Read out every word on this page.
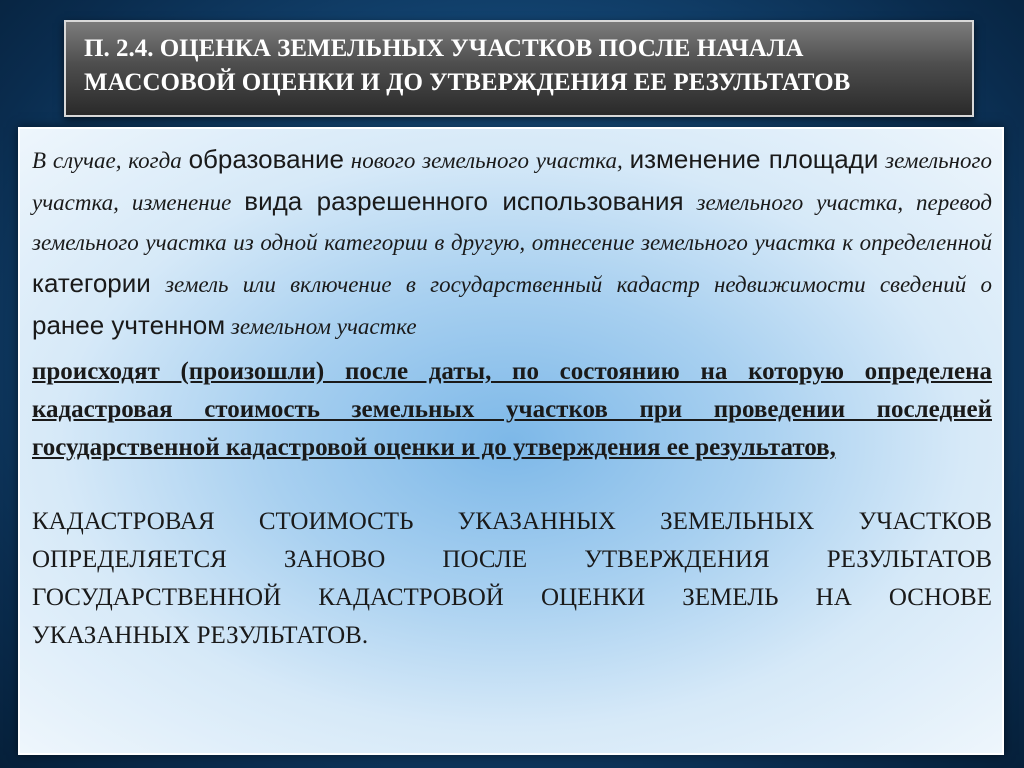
П. 2.4. ОЦЕНКА ЗЕМЕЛЬНЫХ УЧАСТКОВ ПОСЛЕ НАЧАЛА МАССОВОЙ ОЦЕНКИ И ДО УТВЕРЖДЕНИЯ ЕЕ РЕЗУЛЬТАТОВ

В случае, когда образование нового земельного участка, изменение площади земельного участка, изменение вида разрешенного использования земельного участка, перевод земельного участка из одной категории в другую, отнесение земельного участка к определенной категории земель или включение в государственный кадастр недвижимости сведений о ранее учтенном земельном участке

происходят (произошли) после даты, по состоянию на которую определена кадастровая стоимость земельных участков при проведении последней государственной кадастровой оценки и до утверждения ее результатов,

КАДАСТРОВАЯ СТОИМОСТЬ УКАЗАННЫХ ЗЕМЕЛЬНЫХ УЧАСТКОВ ОПРЕДЕЛЯЕТСЯ ЗАНОВО ПОСЛЕ УТВЕРЖДЕНИЯ РЕЗУЛЬТАТОВ ГОСУДАРСТВЕННОЙ КАДАСТРОВОЙ ОЦЕНКИ ЗЕМЕЛЬ НА ОСНОВЕ УКАЗАННЫХ РЕЗУЛЬТАТОВ.
